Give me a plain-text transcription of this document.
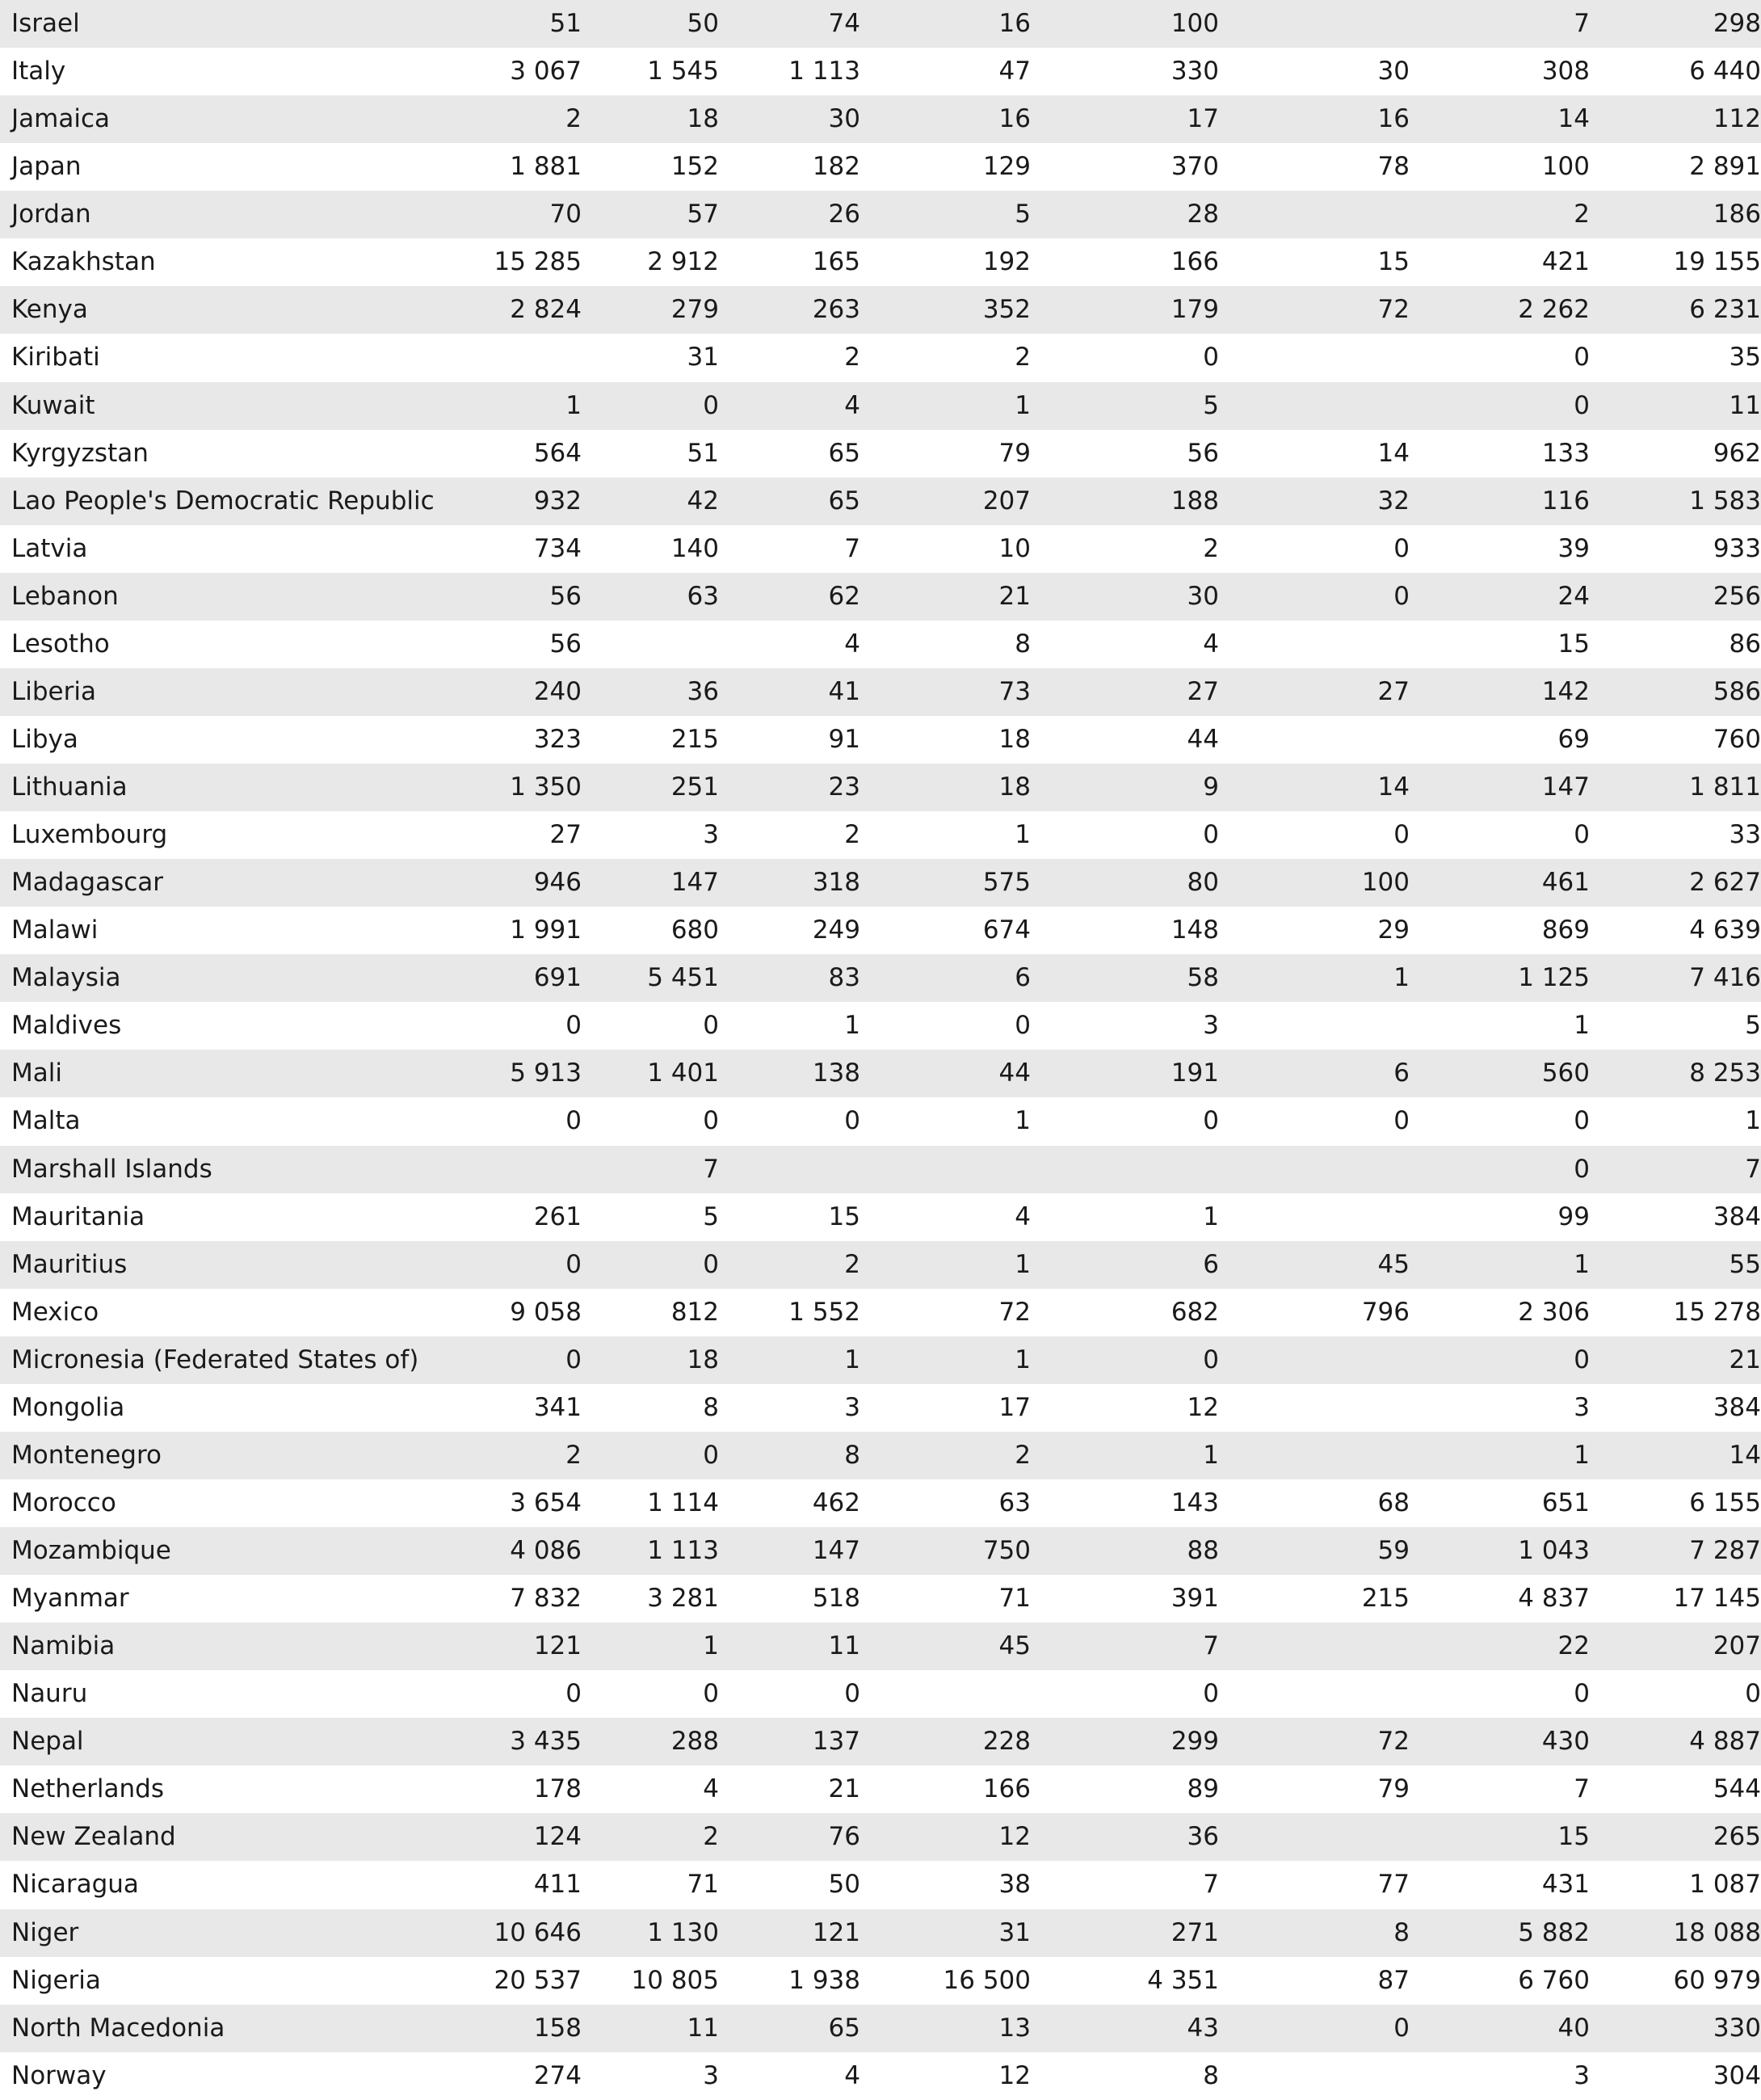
Israel	51	50	74	16	100		7	298	
Italy	3 067	1 545	1 113	47	330	30	308	6 440	
Jamaica	2	18	30	16	17	16	14	112	
Japan	1 881	152	182	129	370	78	100	2 891	
Jordan	70	57	26	5	28		2	186	
Kazakhstan	15 285	2 912	165	192	166	15	421	19 155	
Kenya	2 824	279	263	352	179	72	2 262	6 231	
Kiribati		31	2	2	0		0	35	
Kuwait	1	0	4	1	5		0	11	
Kyrgyzstan	564	51	65	79	56	14	133	962	
Lao People's Democratic Republic	932	42	65	207	188	32	116	1 583	
Latvia	734	140	7	10	2	0	39	933	
Lebanon	56	63	62	21	30	0	24	256	
Lesotho	56		4	8	4		15	86	
Liberia	240	36	41	73	27	27	142	586	
Libya	323	215	91	18	44		69	760	
Lithuania	1 350	251	23	18	9	14	147	1 811	
Luxembourg	27	3	2	1	0	0	0	33	
Madagascar	946	147	318	575	80	100	461	2 627	
Malawi	1 991	680	249	674	148	29	869	4 639	
Malaysia	691	5 451	83	6	58	1	1 125	7 416	
Maldives	0	0	1	0	3		1	5	
Mali	5 913	1 401	138	44	191	6	560	8 253	
Malta	0	0	0	1	0	0	0	1	
Marshall Islands		7					0	7	
Mauritania	261	5	15	4	1		99	384	
Mauritius	0	0	2	1	6	45	1	55	
Mexico	9 058	812	1 552	72	682	796	2 306	15 278	
Micronesia (Federated States of)	0	18	1	1	0		0	21	
Mongolia	341	8	3	17	12		3	384	
Montenegro	2	0	8	2	1		1	14	
Morocco	3 654	1 114	462	63	143	68	651	6 155	
Mozambique	4 086	1 113	147	750	88	59	1 043	7 287	
Myanmar	7 832	3 281	518	71	391	215	4 837	17 145	
Namibia	121	1	11	45	7		22	207	
Nauru	0	0	0		0		0	0	
Nepal	3 435	288	137	228	299	72	430	4 887	
Netherlands	178	4	21	166	89	79	7	544	
New Zealand	124	2	76	12	36		15	265	
Nicaragua	411	71	50	38	7	77	431	1 087	
Niger	10 646	1 130	121	31	271	8	5 882	18 088	
Nigeria	20 537	10 805	1 938	16 500	4 351	87	6 760	60 979	
North Macedonia	158	11	65	13	43	0	40	330	
Norway	274	3	4	12	8		3	304	
